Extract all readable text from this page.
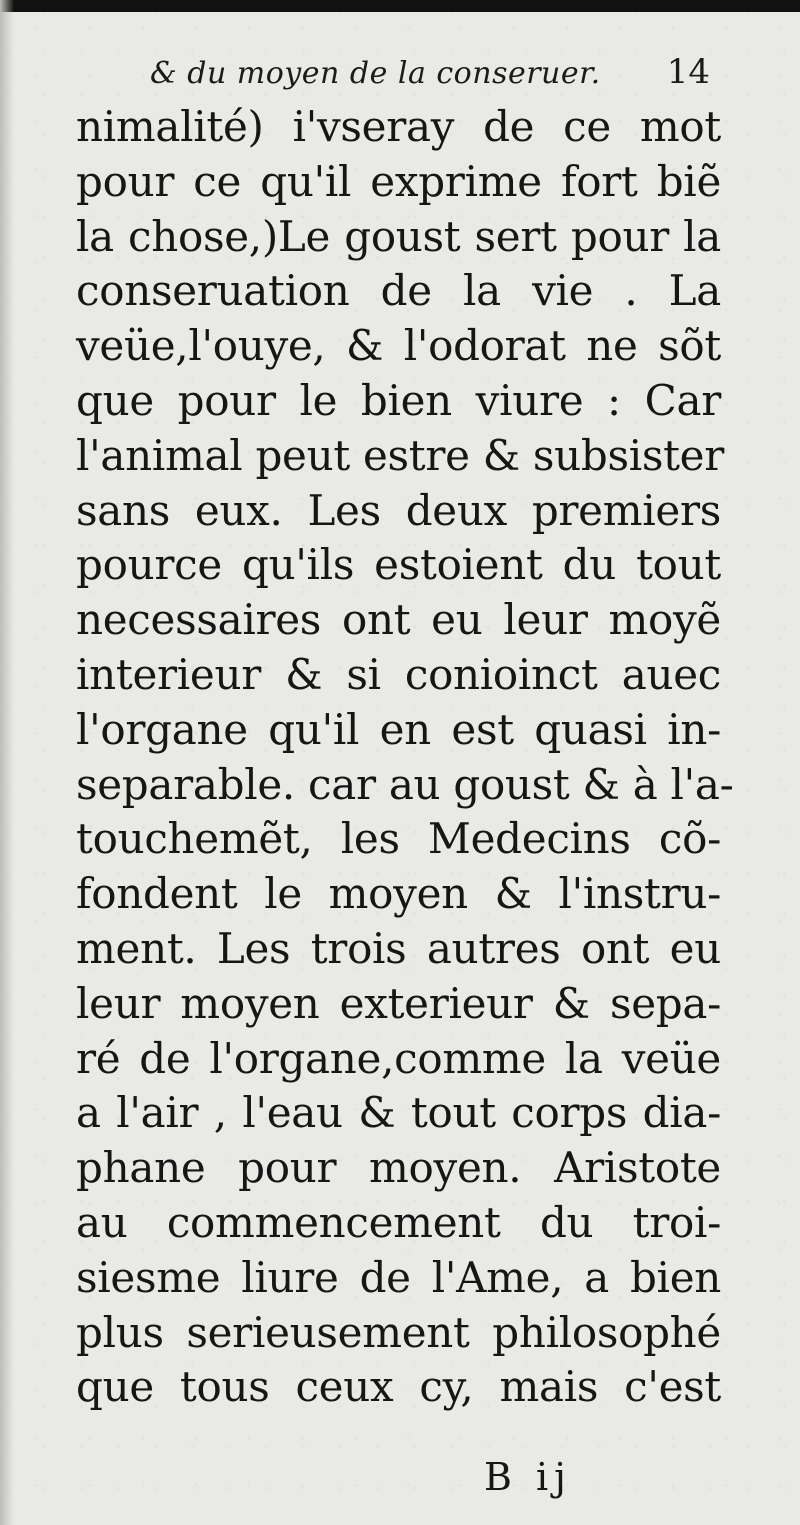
& du moyen de la conseruer. 14
nimalité) i'vseray de ce mot
pour ce qu'il exprime fort biẽ
la chose,)Le goust sert pour la
conseruation de la vie . La
veüe,l'ouye, & l'odorat ne sõt
que pour le bien viure : Car
l'animal peut estre & subsister
sans eux. Les deux premiers
pource qu'ils estoient du tout
necessaires ont eu leur moyẽ
interieur & si conioinct auec
l'organe qu'il en est quasi in-
separable. car au goust & à l'a-
touchemẽt, les Medecins cõ-
fondent le moyen & l'instru-
ment. Les trois autres ont eu
leur moyen exterieur & sepa-
ré de l'organe,comme la veüe
a l'air , l'eau & tout corps dia-
phane pour moyen. Aristote
au commencement du troi-
siesme liure de l'Ame, a bien
plus serieusement philosophé
que tous ceux cy, mais c'est
B ij
